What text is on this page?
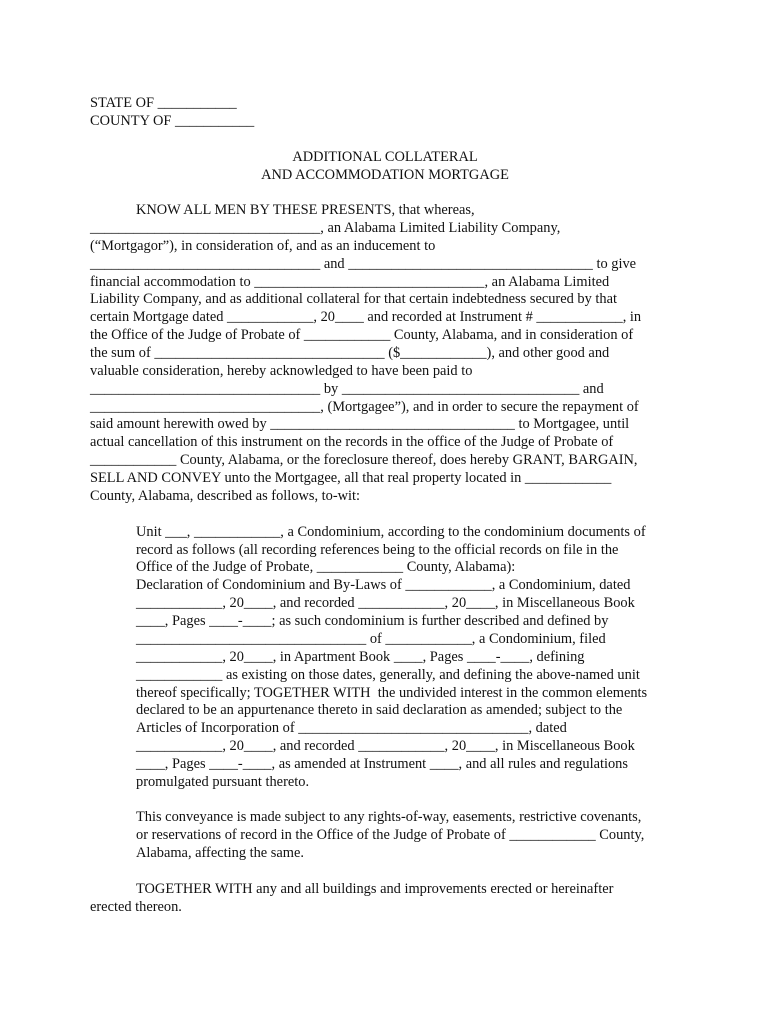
STATE OF ___________
COUNTY OF ___________
ADDITIONAL COLLATERAL
AND ACCOMMODATION MORTGAGE
KNOW ALL MEN BY THESE PRESENTS, that whereas,
________________________________, an Alabama Limited Liability Company,
(“Mortgagor”), in consideration of, and as an inducement to
________________________________ and __________________________________ to give
financial accommodation to ________________________________, an Alabama Limited
Liability Company, and as additional collateral for that certain indebtedness secured by that
certain Mortgage dated ____________, 20____ and recorded at Instrument # ____________, in
the Office of the Judge of Probate of ____________ County, Alabama, and in consideration of
the sum of ________________________________ ($____________), and other good and
valuable consideration, hereby acknowledged to have been paid to
________________________________ by _________________________________ and
________________________________, (Mortgagee”), and in order to secure the repayment of
said amount herewith owed by __________________________________ to Mortgagee, until
actual cancellation of this instrument on the records in the office of the Judge of Probate of
____________ County, Alabama, or the foreclosure thereof, does hereby GRANT, BARGAIN,
SELL AND CONVEY unto the Mortgagee, all that real property located in ____________
County, Alabama, described as follows, to-wit:
Unit ___, ____________, a Condominium, according to the condominium documents of
record as follows (all recording references being to the official records on file in the
Office of the Judge of Probate, ____________ County, Alabama):
Declaration of Condominium and By-Laws of ____________, a Condominium, dated
____________, 20____, and recorded ____________, 20____, in Miscellaneous Book
____, Pages ____-____; as such condominium is further described and defined by
________________________________ of ____________, a Condominium, filed
____________, 20____, in Apartment Book ____, Pages ____-____, defining
____________ as existing on those dates, generally, and defining the above-named unit
thereof specifically; TOGETHER WITH  the undivided interest in the common elements
declared to be an appurtenance thereto in said declaration as amended; subject to the
Articles of Incorporation of ________________________________, dated
____________, 20____, and recorded ____________, 20____, in Miscellaneous Book
____, Pages ____-____, as amended at Instrument ____, and all rules and regulations
promulgated pursuant thereto.
This conveyance is made subject to any rights-of-way, easements, restrictive covenants,
or reservations of record in the Office of the Judge of Probate of ____________ County,
Alabama, affecting the same.
TOGETHER WITH any and all buildings and improvements erected or hereinafter
erected thereon.
